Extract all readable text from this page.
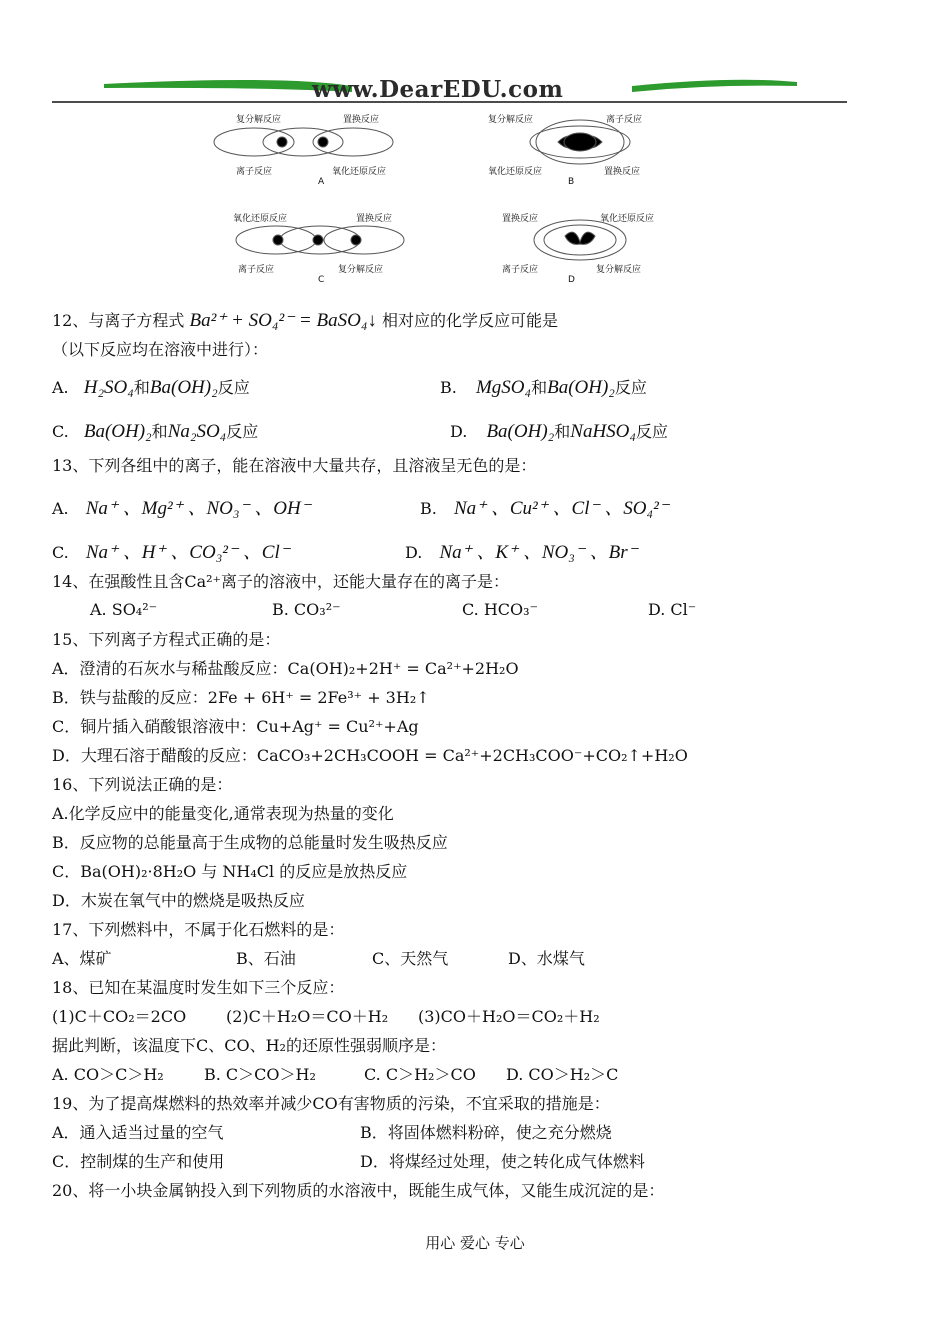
www.DearEDU.com
复分解反应	置换反应
离子反应	氧化还原反应
A
复分解反应	离子反应
氧化还原反应	置换反应
B
氧化还原反应	置换反应
离子反应	复分解反应
C
置换反应	氧化还原反应
离子反应	复分解反应
D
12、与离子方程式 Ba²⁺ + SO₄²⁻ = BaSO₄↓ 相对应的化学反应可能是
（以下反应均在溶液中进行）：
A. H₂SO₄和Ba(OH)₂反应	B. MgSO₄和Ba(OH)₂反应
C. Ba(OH)₂和Na₂SO₄反应	D. Ba(OH)₂和NaHSO₄反应
13、下列各组中的离子，能在溶液中大量共存，且溶液呈无色的是：
A. Na⁺ 、Mg²⁺ 、NO₃⁻ 、OH⁻	B. Na⁺ 、Cu²⁺ 、Cl⁻ 、SO₄²⁻
C. Na⁺ 、H⁺ 、CO₃²⁻ 、Cl⁻	D. Na⁺ 、K⁺ 、NO₃⁻ 、Br⁻
14、在强酸性且含Ca²⁺离子的溶液中，还能大量存在的离子是：
A. SO₄²⁻	B. CO₃²⁻	C. HCO₃⁻	D. Cl⁻
15、下列离子方程式正确的是：
A．澄清的石灰水与稀盐酸反应：Ca(OH)₂+2H⁺ = Ca²⁺+2H₂O
B．铁与盐酸的反应：2Fe + 6H⁺ = 2Fe³⁺ + 3H₂↑
C．铜片插入硝酸银溶液中：Cu+Ag⁺ = Cu²⁺+Ag
D．大理石溶于醋酸的反应：CaCO₃+2CH₃COOH = Ca²⁺+2CH₃COO⁻+CO₂↑+H₂O
16、下列说法正确的是：
A.化学反应中的能量变化,通常表现为热量的变化
B．反应物的总能量高于生成物的总能量时发生吸热反应
C．Ba(OH)₂·8H₂O 与 NH₄Cl 的反应是放热反应
D．木炭在氧气中的燃烧是吸热反应
17、下列燃料中，不属于化石燃料的是：
A、煤矿	B、石油	C、天然气	D、水煤气
18、已知在某温度时发生如下三个反应：
(1)C＋CO₂＝2CO (2)C＋H₂O＝CO＋H₂ (3)CO＋H₂O＝CO₂＋H₂
据此判断，该温度下C、CO、H₂的还原性强弱顺序是：
A. CO＞C＞H₂	B. C＞CO＞H₂	C. C＞H₂＞CO D. CO＞H₂＞C
19、为了提高煤燃料的热效率并减少CO有害物质的污染，不宜采取的措施是：
A．通入适当过量的空气	B．将固体燃料粉碎，使之充分燃烧
C．控制煤的生产和使用	D．将煤经过处理，使之转化成气体燃料
20、将一小块金属钠投入到下列物质的水溶液中，既能生成气体，又能生成沉淀的是：
用心 爱心 专心
